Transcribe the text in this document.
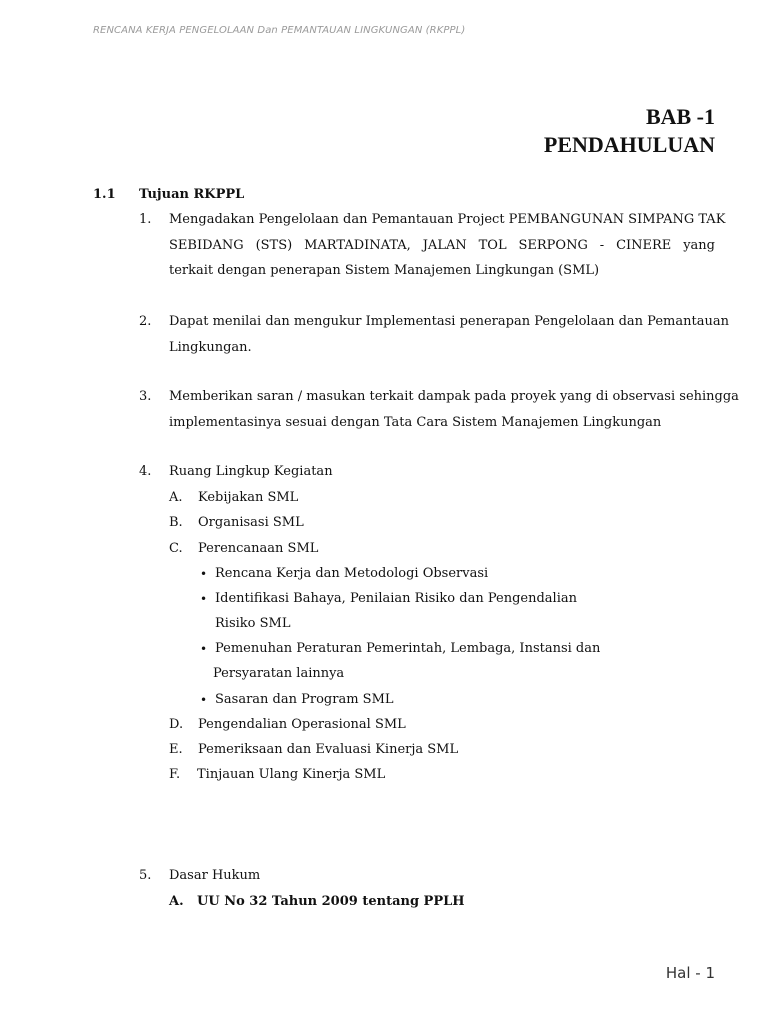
RENCANA KERJA PENGELOLAAN Dan PEMANTAUAN LINGKUNGAN (RKPPL)
BAB -1
PENDAHULUAN
1.1 Tujuan RKPPL
1. Mengadakan Pengelolaan dan Pemantauan Project PEMBANGUNAN SIMPANG TAK
SEBIDANG (STS) MARTADINATA, JALAN TOL SERPONG - CINERE yang
terkait dengan penerapan Sistem Manajemen Lingkungan (SML)
2. Dapat menilai dan mengukur Implementasi penerapan Pengelolaan dan Pemantauan
Lingkungan.
3. Memberikan saran / masukan terkait dampak pada proyek yang di observasi sehingga
implementasinya sesuai dengan Tata Cara Sistem Manajemen Lingkungan
4. Ruang Lingkup Kegiatan
A. Kebijakan SML
B. Organisasi SML
C. Perencanaan SML
• Rencana Kerja dan Metodologi Observasi
• Identifikasi Bahaya, Penilaian Risiko dan Pengendalian
Risiko SML
• Pemenuhan Peraturan Pemerintah, Lembaga, Instansi dan
Persyaratan lainnya
• Sasaran dan Program SML
D. Pengendalian Operasional SML
E. Pemeriksaan dan Evaluasi Kinerja SML
F. Tinjauan Ulang Kinerja SML
5. Dasar Hukum
A. UU No 32 Tahun 2009 tentang PPLH
Hal - 1
